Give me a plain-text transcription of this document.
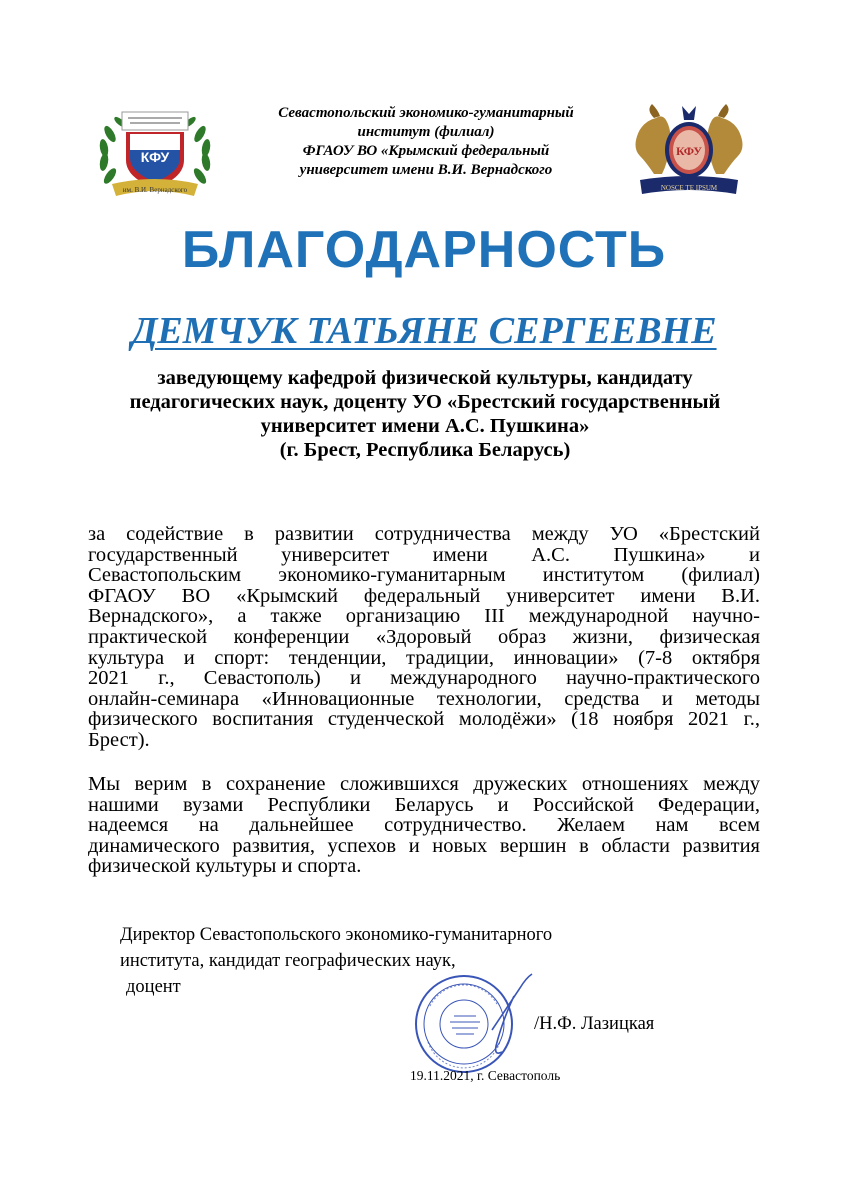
КФУ
им. В.И. Вернадского
Севастопольский экономико-гуманитарный
институт (филиал)
ФГАОУ ВО «Крымский федеральный
университет имени В.И. Вернадского
КФУ
NOSCE TE IPSUM
БЛАГОДАРНОСТЬ
ДЕМЧУК ТАТЬЯНЕ СЕРГЕЕВНЕ
заведующему кафедрой физической культуры, кандидату
педагогических наук, доценту УО «Брестский государственный
университет имени А.С. Пушкина»
(г. Брест, Республика Беларусь)
за содействие в развитии сотрудничества между УО «Брестский
государственный университет имени А.С. Пушкина» и
Севастопольским экономико-гуманитарным институтом (филиал)
ФГАОУ ВО «Крымский федеральный университет имени В.И.
Вернадского», а также организацию III международной научно-
практической конференции «Здоровый образ жизни, физическая
культура и спорт: тенденции, традиции, инновации» (7-8 октября
2021 г., Севастополь) и международного научно-практического
онлайн-семинара «Инновационные технологии, средства и методы
физического воспитания студенческой молодёжи» (18 ноября 2021 г.,
Брест).
Мы верим в сохранение сложившихся дружеских отношениях между
нашими вузами Республики Беларусь и Российской Федерации,
надеемся на дальнейшее сотрудничество. Желаем нам всем
динамического развития, успехов и новых вершин в области развития
физической культуры и спорта.
Директор Севастопольского экономико-гуманитарного
института, кандидат географических наук,
доцент
/Н.Ф. Лазицкая
19.11.2021, г. Севастополь
